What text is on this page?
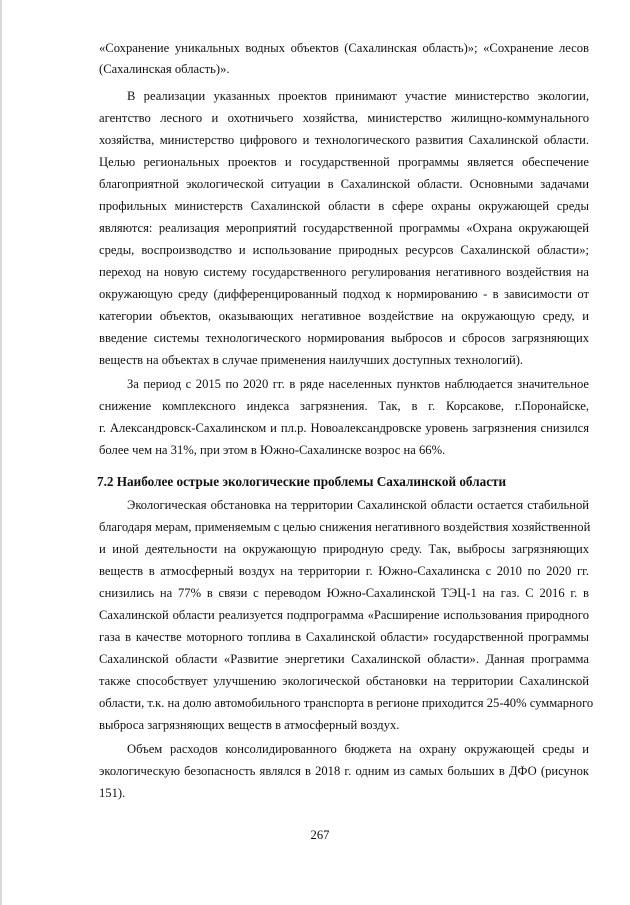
«Сохранение уникальных водных объектов (Сахалинская область)»; «Сохранение лесов
(Сахалинская область)».
В реализации указанных проектов принимают участие министерство экологии,
агентство лесного и охотничьего хозяйства, министерство жилищно-коммунального
хозяйства, министерство цифрового и технологического развития Сахалинской области.
Целью региональных проектов и государственной программы является обеспечение
благоприятной экологической ситуации в Сахалинской области. Основными задачами
профильных министерств Сахалинской области в сфере охраны окружающей среды
являются: реализация мероприятий государственной программы «Охрана окружающей
среды, воспроизводство и использование природных ресурсов Сахалинской области»;
переход на новую систему государственного регулирования негативного воздействия на
окружающую среду (дифференцированный подход к нормированию - в зависимости от
категории объектов, оказывающих негативное воздействие на окружающую среду, и
введение системы технологического нормирования выбросов и сбросов загрязняющих
веществ на объектах в случае применения наилучших доступных технологий).
За период с 2015 по 2020 гг. в ряде населенных пунктов наблюдается значительное
снижение комплексного индекса загрязнения. Так, в г. Корсакове, г.Поронайске,
г. Александровск-Сахалинском и пл.р. Новоалександровске уровень загрязнения снизился
более чем на 31%, при этом в Южно-Сахалинске возрос на 66%.
7.2 Наиболее острые экологические проблемы Сахалинской области
Экологическая обстановка на территории Сахалинской области остается стабильной
благодаря мерам, применяемым с целью снижения негативного воздействия хозяйственной
и иной деятельности на окружающую природную среду. Так, выбросы загрязняющих
веществ в атмосферный воздух на территории г. Южно-Сахалинска с 2010 по 2020 гг.
снизились на 77% в связи с переводом Южно-Сахалинской ТЭЦ-1 на газ. С 2016 г. в
Сахалинской области реализуется подпрограмма «Расширение использования природного
газа в качестве моторного топлива в Сахалинской области» государственной программы
Сахалинской области «Развитие энергетики Сахалинской области». Данная программа
также способствует улучшению экологической обстановки на территории Сахалинской
области, т.к. на долю автомобильного транспорта в регионе приходится 25-40% суммарного
выброса загрязняющих веществ в атмосферный воздух.
Объем расходов консолидированного бюджета на охрану окружающей среды и
экологическую безопасность являлся в 2018 г. одним из самых больших в ДФО (рисунок
151).
267
